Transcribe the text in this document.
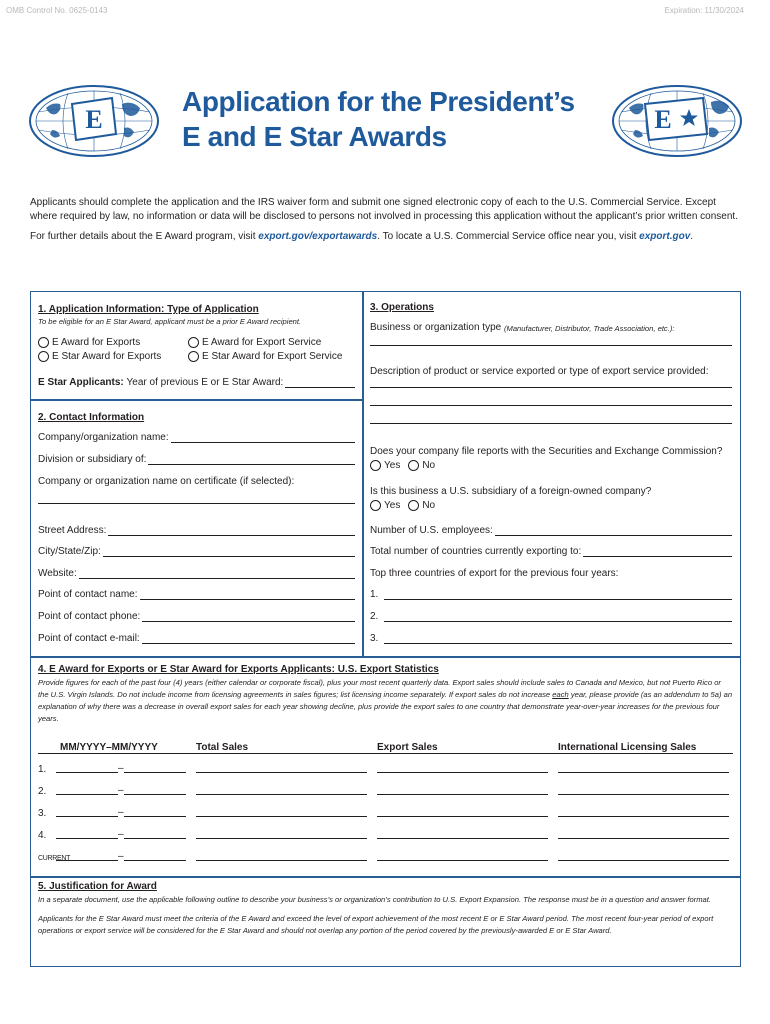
OMB Control No. 0625-0143	Expiration: 11/30/2024
E
Application for the President’s
E and E Star Awards
E

Applicants should complete the application and the IRS waiver form and submit one signed electronic copy of each to the U.S. Commercial Service. Except where required by law, no information or data will be disclosed to persons not involved in processing this application without the applicant’s prior written consent.

For further details about the E Award program, visit export.gov/exportawards. To locate a U.S. Commercial Service office near you, visit export.gov.

1. Application Information: Type of Application
To be eligible for an E Star Award, applicant must be a prior E Award recipient.
E Award for Exports
E Star Award for Exports
E Award for Export Service
E Star Award for Export Service
E Star Applicants:
Year of previous E or E Star Award:
2. Contact Information
Company/organization name:
Division or subsidiary of:
Company or organization name on certificate (if selected):
Street Address:
City/State/Zip:
Website:
Point of contact name:
Point of contact phone:
Point of contact e-mail:
3. Operations
Business or organization type
(Manufacturer, Distributor, Trade Association, etc.):
Description of product or service exported or type of export service provided:
Does your company file reports with the Securities and Exchange Commission?
Yes No
Is this business a U.S. subsidiary of a foreign-owned company?
Yes No
Number of U.S. employees:
Total number of countries currently exporting to:
Top three countries of export for the previous four years:
1.
2.
3.
4. E Award for Exports or E Star Award for Exports Applicants: U.S. Export Statistics
Provide figures for each of the past four (4) years (either calendar or corporate fiscal), plus your most recent quarterly data. Export sales should include sales to Canada and Mexico, but not Puerto Rico or the U.S. Virgin Islands. Do not include income from licensing agreements in sales figures; list licensing income separately. If export sales do not increase each year, please provide (as an addendum to 5a) an explanation of why there was a decrease in overall export sales for each year showing decline, plus provide the export sales to one country that demonstrate year-over-year increases for the previous four years.
MM/YYYY–MM/YYYY	Total Sales	Export Sales	International Licensing Sales
1.	–
2.	–
3.	–
4.	–
CURRENT	–
5. Justification for Award
In a separate document, use the applicable following outline to describe your business’s or organization’s contribution to U.S. Export Expansion. The response must be in a question and answer format.
Applicants for the E Star Award must meet the criteria of the E Award and exceed the level of export achievement of the most recent E or E Star Award period. The most recent four-year period of export operations or export service will be considered for the E Star Award and should not overlap any portion of the period covered by the previously-awarded E or E Star Award.
